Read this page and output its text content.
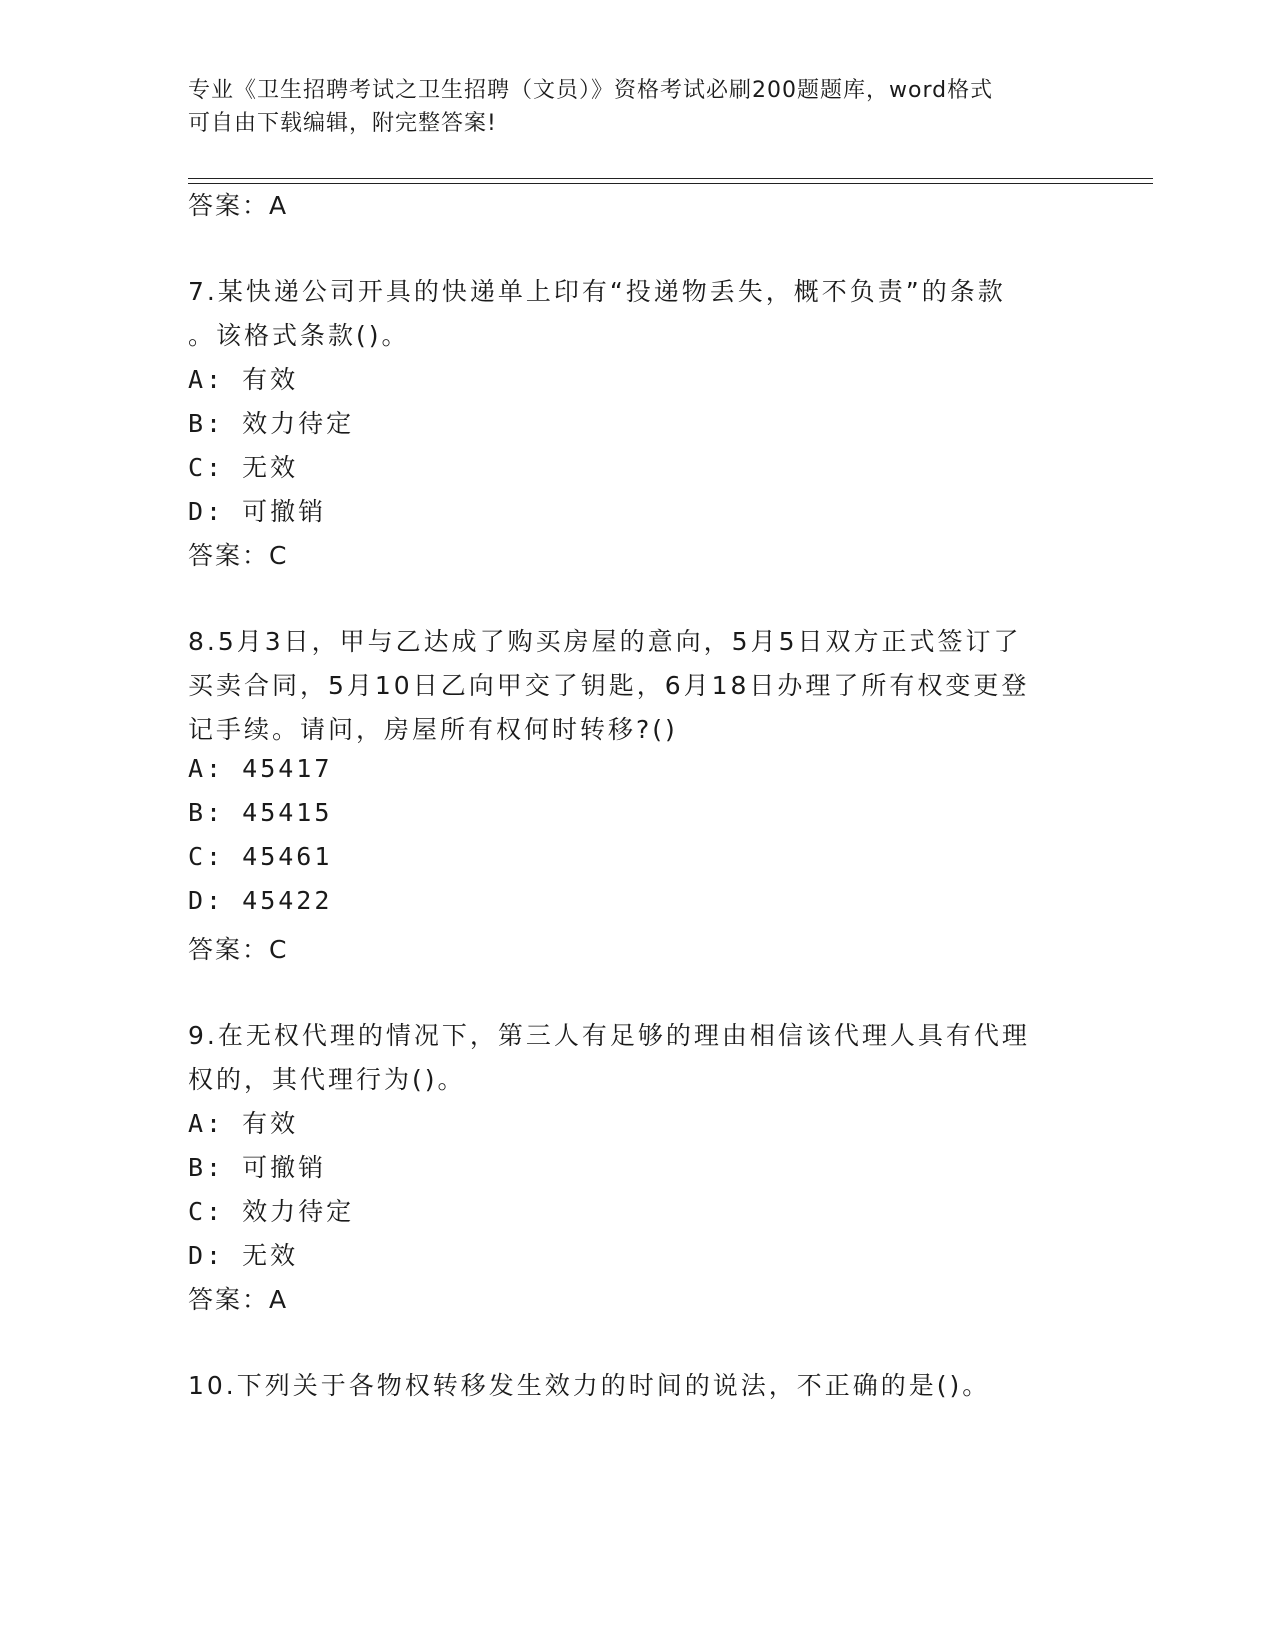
专业《卫生招聘考试之卫生招聘（文员）》资格考试必刷200题题库，word格式
可自由下载编辑，附完整答案!
答案：A
7.某快递公司开具的快递单上印有“投递物丢失，概不负责”的条款
。该格式条款()。
A: 有效
B: 效力待定
C: 无效
D: 可撤销
答案：C
8.5月3日，甲与乙达成了购买房屋的意向，5月5日双方正式签订了
买卖合同，5月10日乙向甲交了钥匙，6月18日办理了所有权变更登
记手续。请问，房屋所有权何时转移?()
A: 45417
B: 45415
C: 45461
D: 45422
答案：C
9.在无权代理的情况下，第三人有足够的理由相信该代理人具有代理
权的，其代理行为()。
A: 有效
B: 可撤销
C: 效力待定
D: 无效
答案：A
10.下列关于各物权转移发生效力的时间的说法，不正确的是()。
